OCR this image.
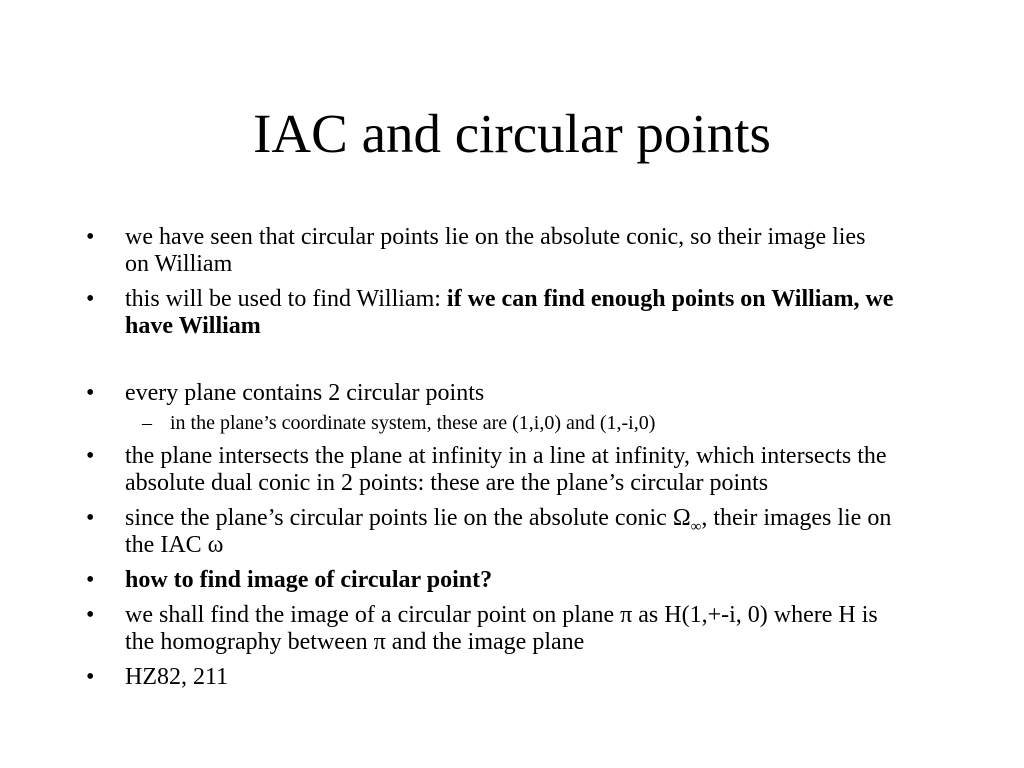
IAC and circular points
•	we have seen that circular points lie on the absolute conic, so their image lies on William
•	this will be used to find William: if we can find enough points on William, we have William
•	every plane contains 2 circular points
– in the plane’s coordinate system, these are (1,i,0) and (1,-i,0)
•	the plane intersects the plane at infinity in a line at infinity, which intersects the absolute dual conic in 2 points: these are the plane’s circular points
•	since the plane’s circular points lie on the absolute conic $\Omega_\infty$, their images lie on the IAC ω
•	how to find image of circular point?
•	we shall find the image of a circular point on plane π as H(1,+-i, 0) where H is the homography between π and the image plane
•	HZ82, 211
